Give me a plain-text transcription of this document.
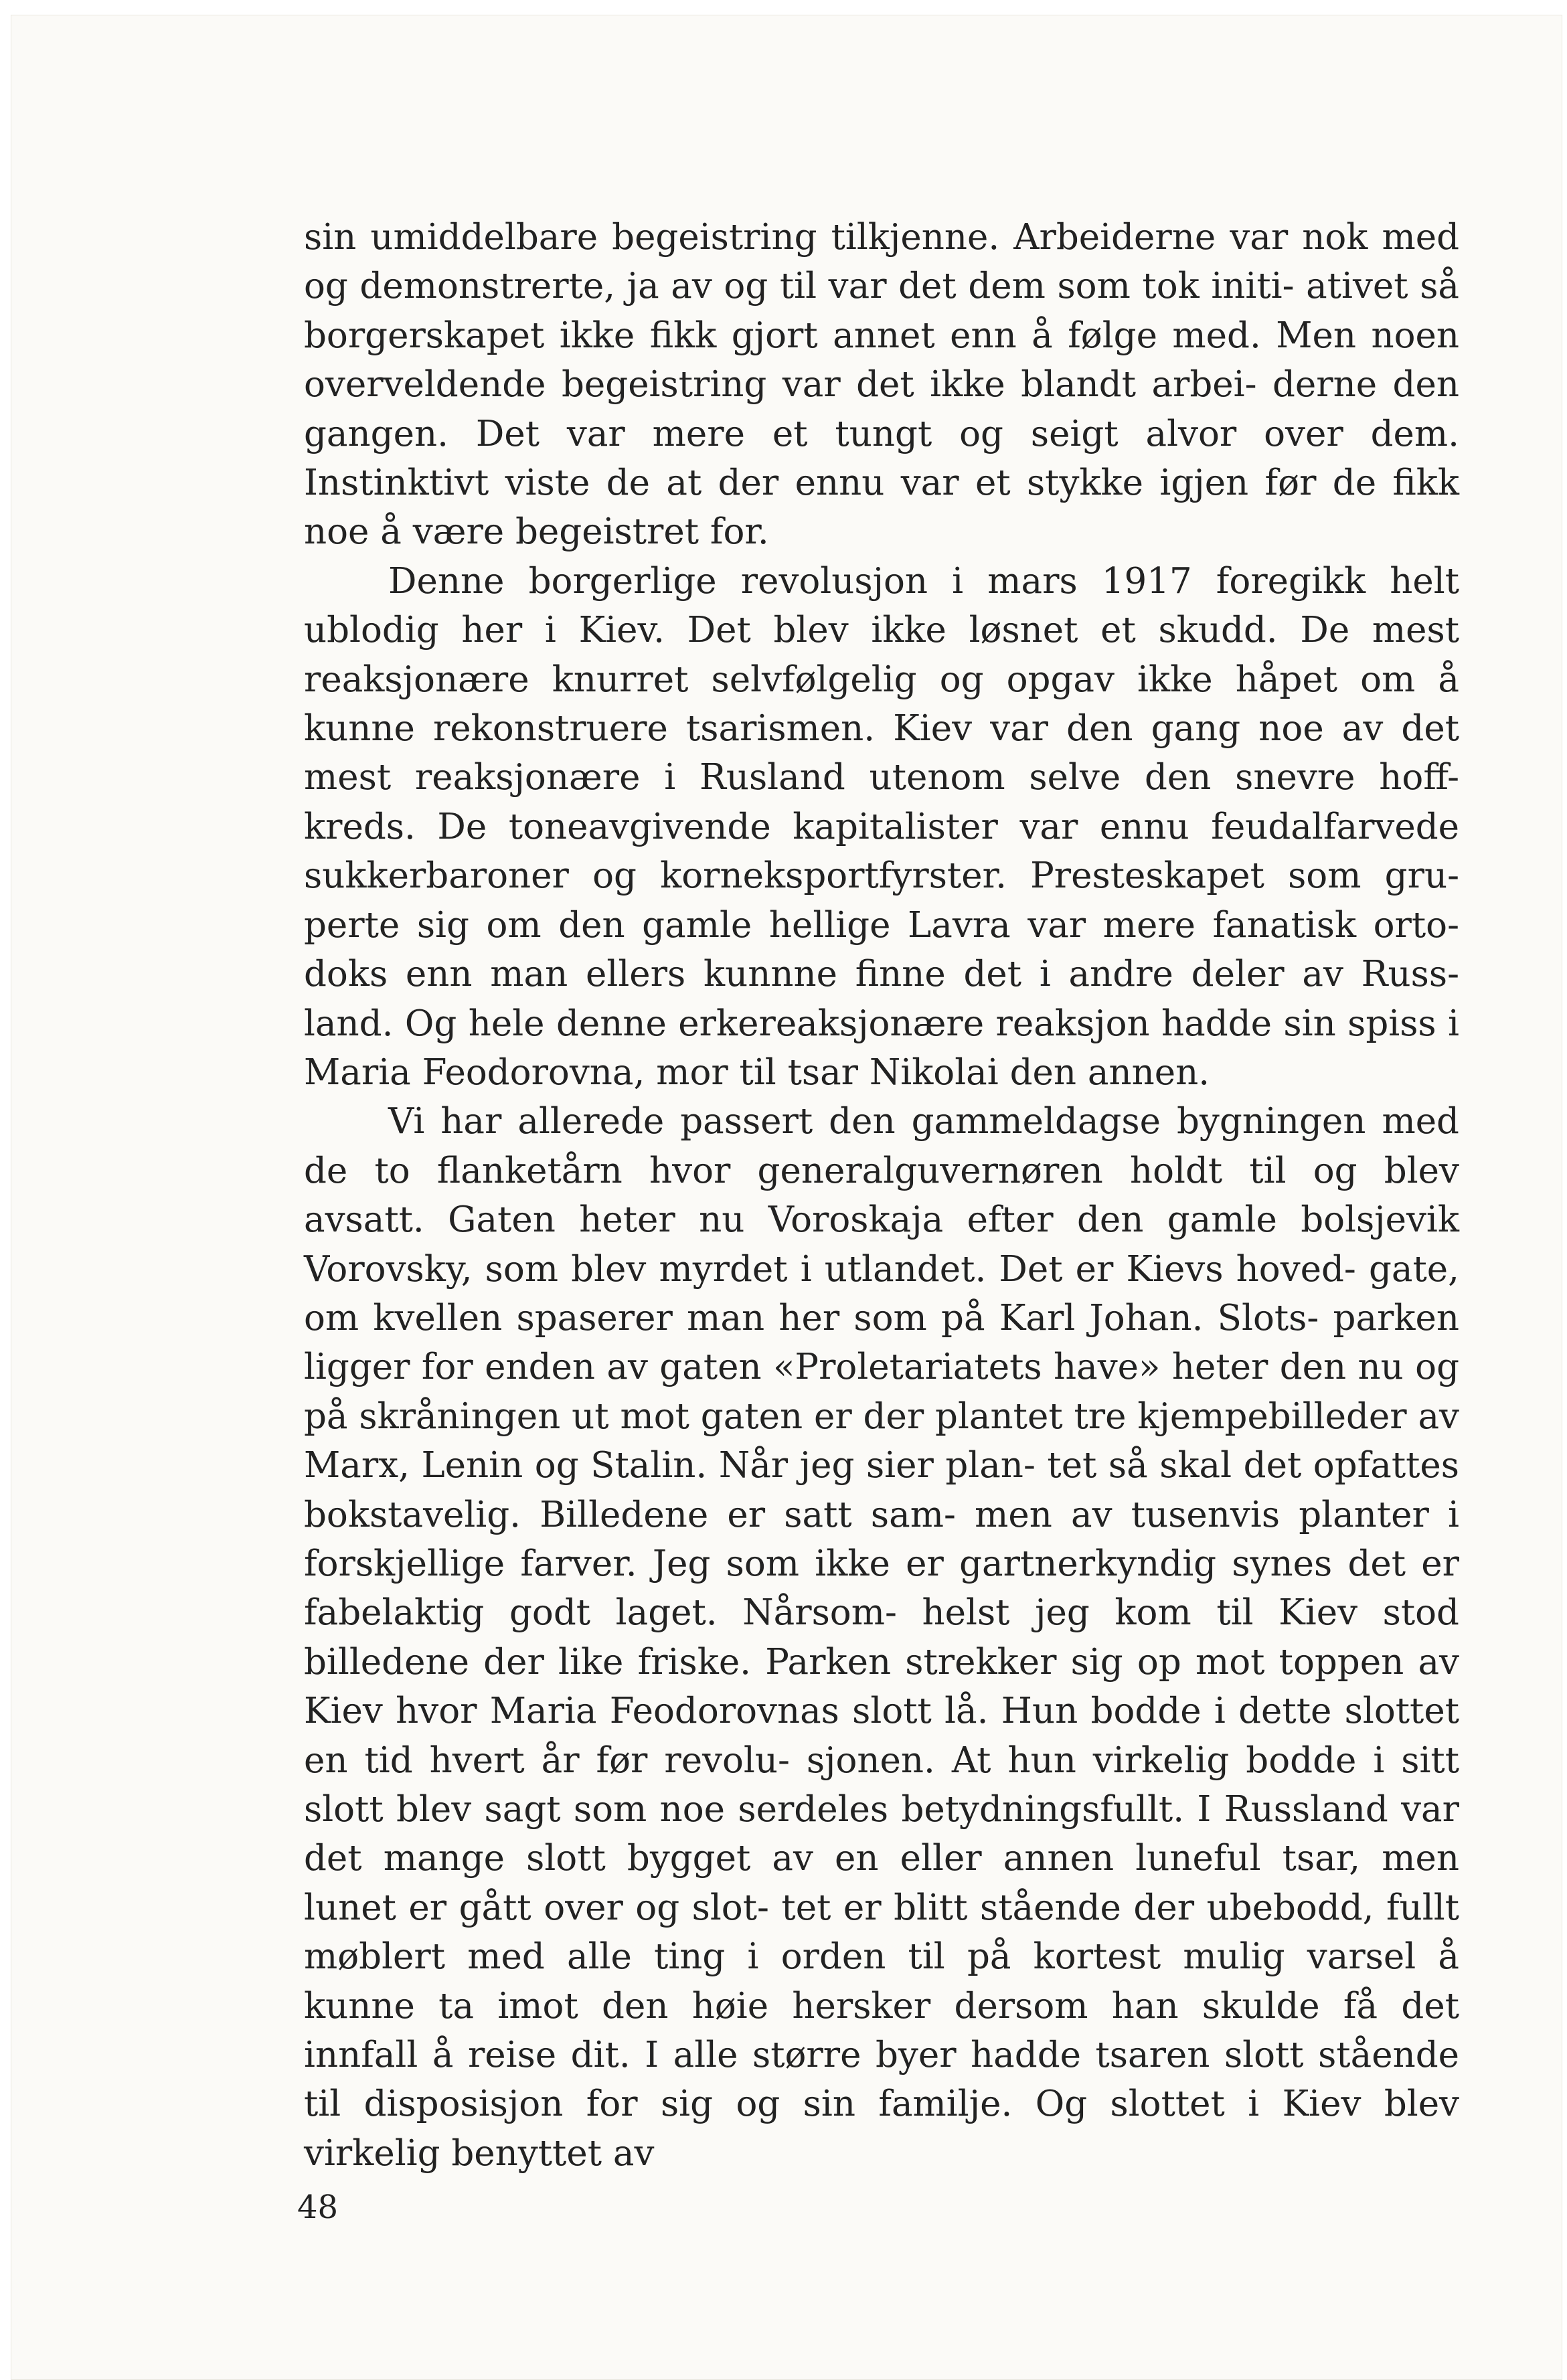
sin umiddelbare begeistring tilkjenne. Arbeiderne var nok med og demonstrerte, ja av og til var det dem som tok initi- ativet så borgerskapet ikke fikk gjort annet enn å følge med. Men noen overveldende begeistring var det ikke blandt arbei- derne den gangen. Det var mere et tungt og seigt alvor over dem. Instinktivt viste de at der ennu var et stykke igjen før de fikk noe å være begeistret for.

Denne borgerlige revolusjon i mars 1917 foregikk helt ublodig her i Kiev. Det blev ikke løsnet et skudd. De mest reaksjonære knurret selvfølgelig og opgav ikke håpet om å kunne rekonstruere tsarismen. Kiev var den gang noe av det mest reaksjonære i Rusland utenom selve den snevre hoff- kreds. De toneavgivende kapitalister var ennu feudalfarvede sukkerbaroner og korneksportfyrster. Presteskapet som gru- perte sig om den gamle hellige Lavra var mere fanatisk orto- doks enn man ellers kunnne finne det i andre deler av Russ- land. Og hele denne erkereaksjonære reaksjon hadde sin spiss i Maria Feodorovna, mor til tsar Nikolai den annen.

Vi har allerede passert den gammeldagse bygningen med de to flanketårn hvor generalguvernøren holdt til og blev avsatt. Gaten heter nu Voroskaja efter den gamle bolsjevik Vorovsky, som blev myrdet i utlandet. Det er Kievs hoved- gate, om kvellen spaserer man her som på Karl Johan. Slots- parken ligger for enden av gaten «Proletariatets have» heter den nu og på skråningen ut mot gaten er der plantet tre kjempebilleder av Marx, Lenin og Stalin. Når jeg sier plan- tet så skal det opfattes bokstavelig. Billedene er satt sam- men av tusenvis planter i forskjellige farver. Jeg som ikke er gartnerkyndig synes det er fabelaktig godt laget. Nårsom- helst jeg kom til Kiev stod billedene der like friske. Parken strekker sig op mot toppen av Kiev hvor Maria Feodorovnas slott lå. Hun bodde i dette slottet en tid hvert år før revolu- sjonen. At hun virkelig bodde i sitt slott blev sagt som noe serdeles betydningsfullt. I Russland var det mange slott bygget av en eller annen luneful tsar, men lunet er gått over og slot- tet er blitt stående der ubebodd, fullt møblert med alle ting i orden til på kortest mulig varsel å kunne ta imot den høie hersker dersom han skulde få det innfall å reise dit. I alle større byer hadde tsaren slott stående til disposisjon for sig og sin familje. Og slottet i Kiev blev virkelig benyttet av

48
